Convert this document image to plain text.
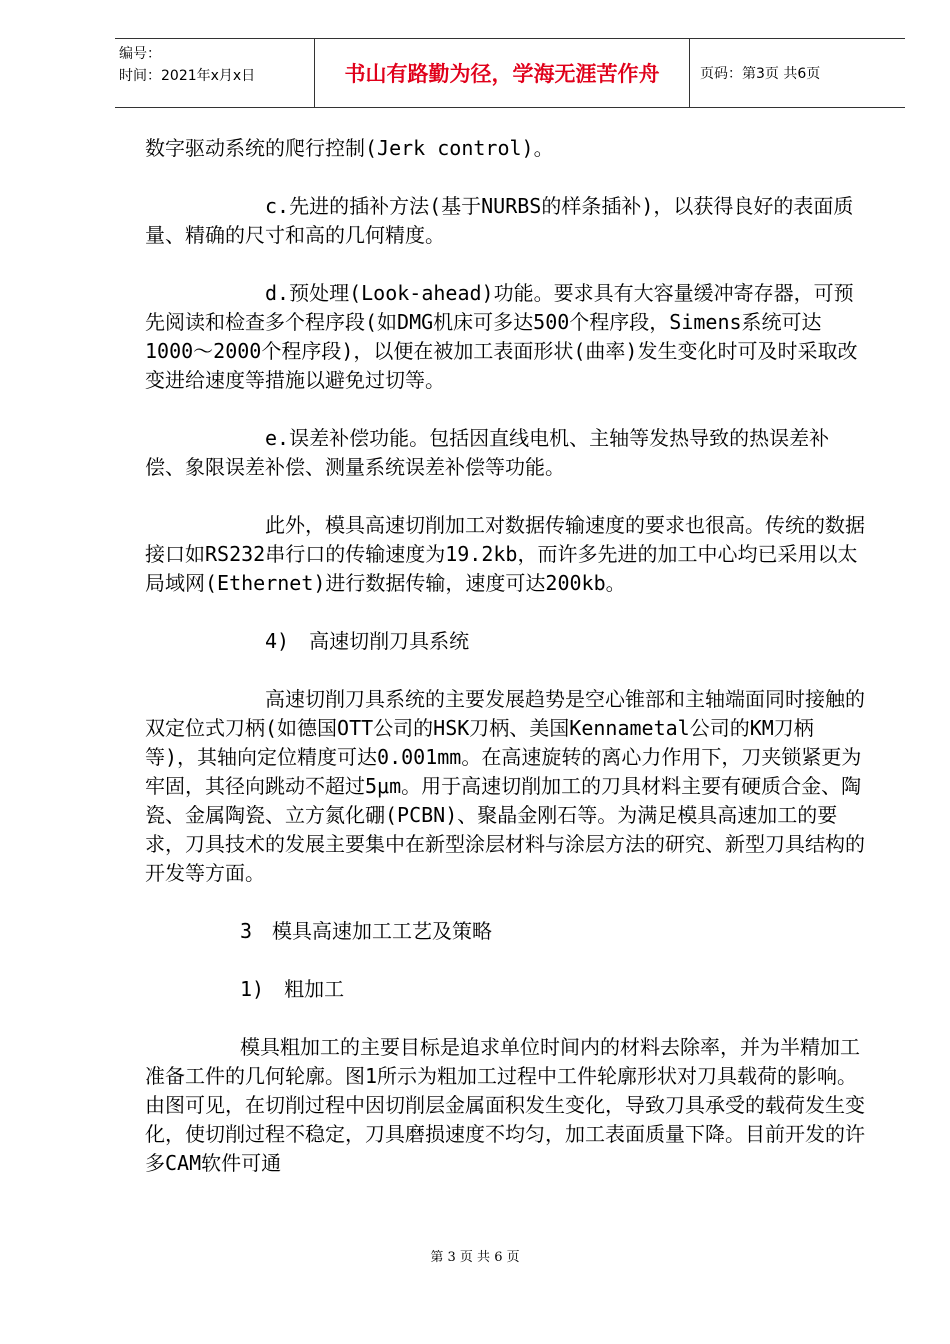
编号：
时间：2021年x月x日	书山有路勤为径，学海无涯苦作舟	页码：第3页 共6页

数字驱动系统的爬行控制(Jerk control)。

c.先进的插补方法(基于NURBS的样条插补)，以获得良好的表面质量、精确的尺寸和高的几何精度。

d.预处理(Look-ahead)功能。要求具有大容量缓冲寄存器，可预先阅读和检查多个程序段(如DMG机床可多达500个程序段，Simens系统可达1000～2000个程序段)，以便在被加工表面形状(曲率)发生变化时可及时采取改变进给速度等措施以避免过切等。

e.误差补偿功能。包括因直线电机、主轴等发热导致的热误差补偿、象限误差补偿、测量系统误差补偿等功能。

此外，模具高速切削加工对数据传输速度的要求也很高。传统的数据接口如RS232串行口的传输速度为19.2kb，而许多先进的加工中心均已采用以太局域网(Ethernet)进行数据传输，速度可达200kb。

4)　高速切削刀具系统

高速切削刀具系统的主要发展趋势是空心锥部和主轴端面同时接触的双定位式刀柄(如德国OTT公司的HSK刀柄、美国Kennametal公司的KM刀柄等)，其轴向定位精度可达0.001mm。在高速旋转的离心力作用下，刀夹锁紧更为牢固，其径向跳动不超过5μm。用于高速切削加工的刀具材料主要有硬质合金、陶瓷、金属陶瓷、立方氮化硼(PCBN)、聚晶金刚石等。为满足模具高速加工的要求，刀具技术的发展主要集中在新型涂层材料与涂层方法的研究、新型刀具结构的开发等方面。

3　模具高速加工工艺及策略

1)　粗加工

模具粗加工的主要目标是追求单位时间内的材料去除率，并为半精加工准备工件的几何轮廓。图1所示为粗加工过程中工件轮廓形状对刀具载荷的影响。由图可见，在切削过程中因切削层金属面积发生变化，导致刀具承受的载荷发生变化，使切削过程不稳定，刀具磨损速度不均匀，加工表面质量下降。目前开发的许多CAM软件可通

第 3 页 共 6 页
